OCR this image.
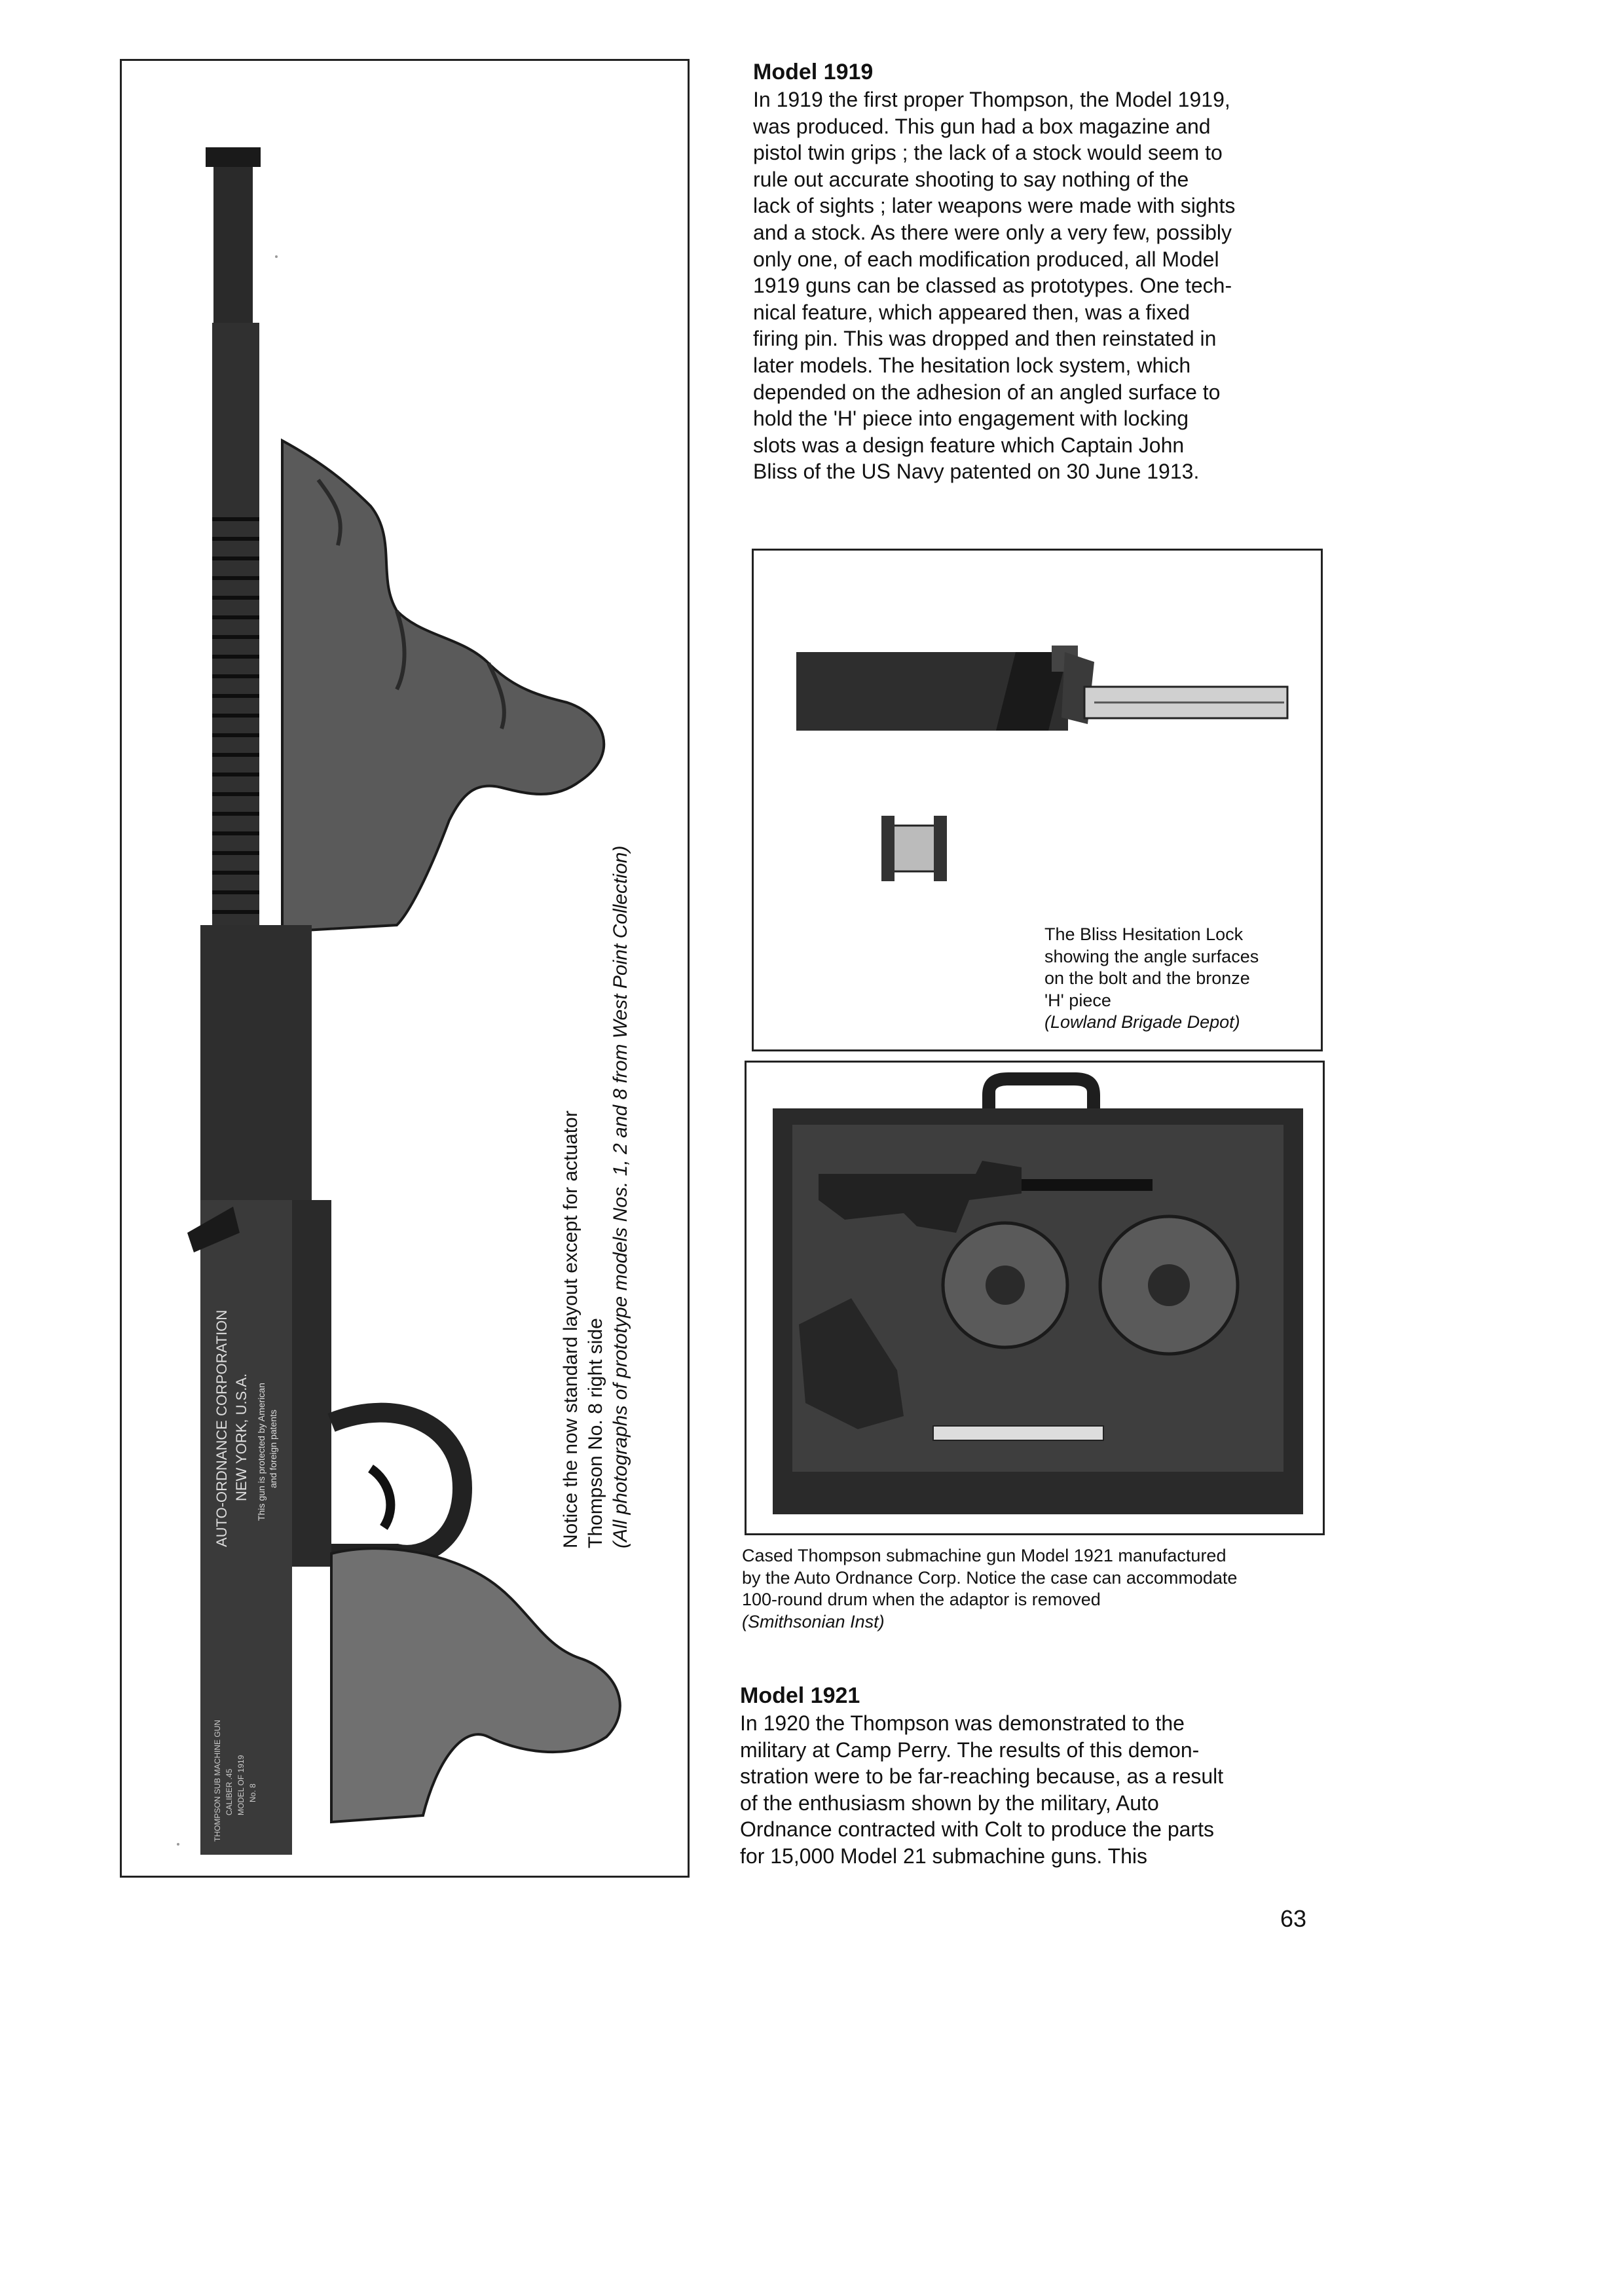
AUTO-ORDNANCE CORPORATION NEW YORK, U.S.A. This gun is protected by American and foreign patents
THOMPSON SUB MACHINE GUN CALIBER .45 MODEL OF 1919 No. 8
Notice the now standard layout except for actuator Thompson No. 8 right side (All photographs of prototype models Nos. 1, 2 and 8 from West Point Collection)
Model 1919
In 1919 the first proper Thompson, the Model 1919,
was produced. This gun had a box magazine and
pistol twin grips ; the lack of a stock would seem to
rule out accurate shooting to say nothing of the
lack of sights ; later weapons were made with sights
and a stock. As there were only a very few, possibly
only one, of each modification produced, all Model
1919 guns can be classed as prototypes. One tech-
nical feature, which appeared then, was a fixed
firing pin. This was dropped and then reinstated in
later models. The hesitation lock system, which
depended on the adhesion of an angled surface to
hold the 'H' piece into engagement with locking
slots was a design feature which Captain John
Bliss of the US Navy patented on 30 June 1913.
The Bliss Hesitation Lock
showing the angle surfaces
on the bolt and the bronze
'H' piece
(Lowland Brigade Depot)
Cased Thompson submachine gun Model 1921 manufactured
by the Auto Ordnance Corp. Notice the case can accommodate
100-round drum when the adaptor is removed
(Smithsonian Inst)
Model 1921
In 1920 the Thompson was demonstrated to the
military at Camp Perry. The results of this demon-
stration were to be far-reaching because, as a result
of the enthusiasm shown by the military, Auto
Ordnance contracted with Colt to produce the parts
for 15,000 Model 21 submachine guns. This
63
